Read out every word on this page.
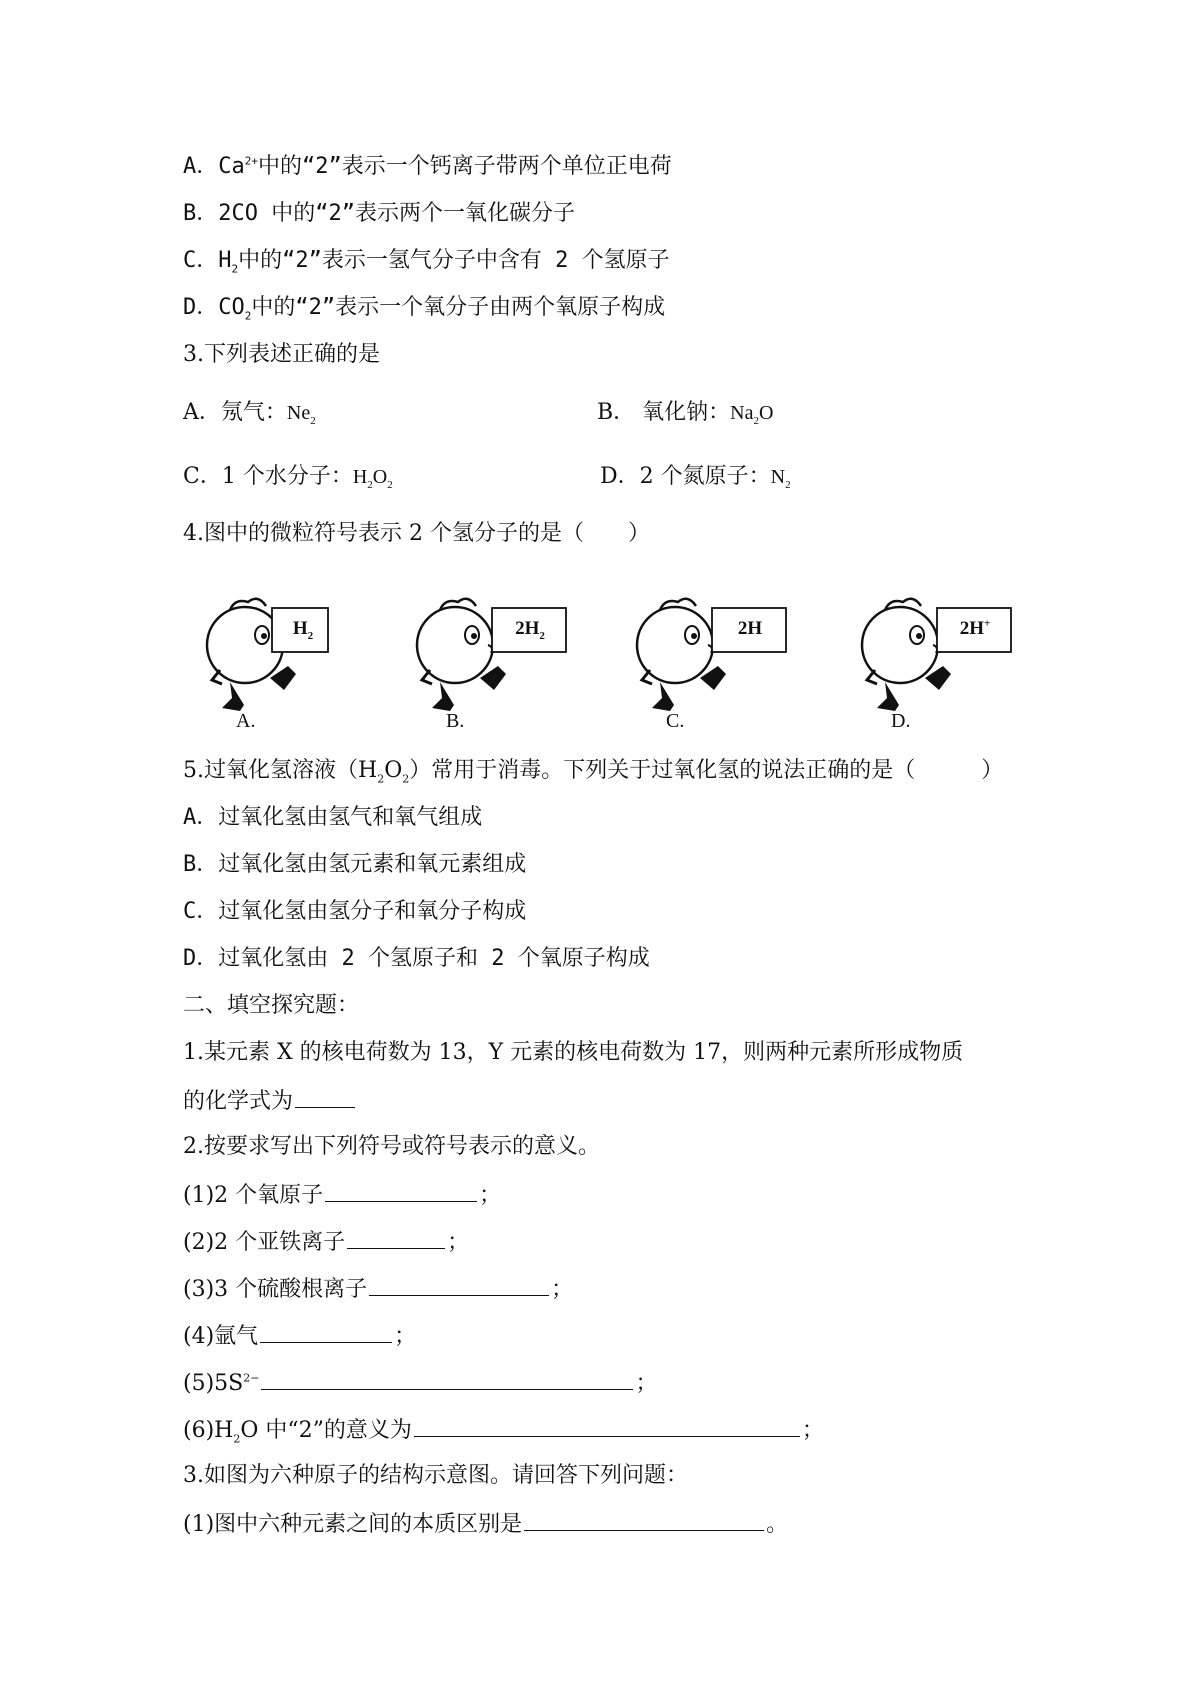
A．$Ca^{2+}$中的“2”表示一个钙离子带两个单位正电荷
B．2CO 中的“2”表示两个一氧化碳分子
C．$H_2$中的“2”表示一氢气分子中含有 2 个氢原子
D．$CO_2$中的“2”表示一个氧分子由两个氧原子构成
3.下列表述正确的是
A．氖气：$Ne_2$	B． 氧化钠：$Na_2O$
C．1 个水分子：$H_2O_2$	D．2 个氮原子：$N_2$
4.图中的微粒符号表示 2 个氢分子的是（　　）
$H_2$
A.
$2H_2$
B.
2H
C.
2H+
D.
5.过氧化氢溶液$(H_2O_2)$常用于消毒。下列关于过氧化氢的说法正确的是（　　　）
A．过氧化氢由氢气和氧气组成
B．过氧化氢由氢元素和氧元素组成
C．过氧化氢由氢分子和氧分子构成
D．过氧化氢由 2 个氢原子和 2 个氧原子构成
二、填空探究题：
1.某元素 X 的核电荷数为 13，Y 元素的核电荷数为 17，则两种元素所形成物质
的化学式为
2.按要求写出下列符号或符号表示的意义。
(1)2 个氧原子	；
(2)2 个亚铁离子	；
(3)3 个硫酸根离子	；
(4)氩气	；
$(5)5S^{2-}$	；
$(6)H_2O$ 中“2”的意义为	；
3.如图为六种原子的结构示意图。请回答下列问题：
(1)图中六种元素之间的本质区别是	。
